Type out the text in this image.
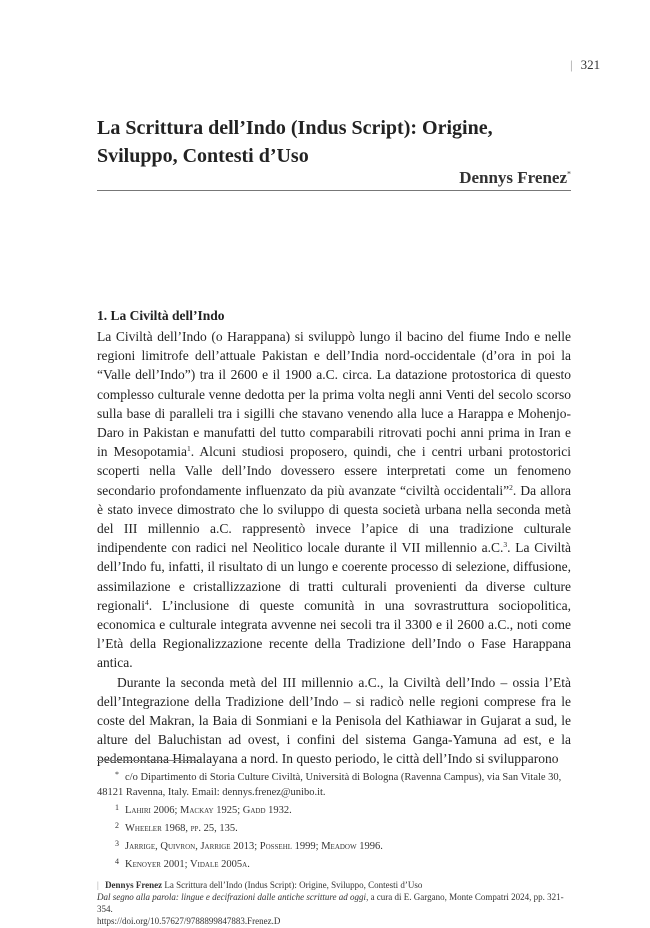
| 321
La Scrittura dell’Indo (Indus Script): Origine, Sviluppo, Contesti d’Uso
Dennys Frenez*
1. La Civiltà dell’Indo

La Civiltà dell’Indo (o Harappana) si sviluppò lungo il bacino del fiume Indo e nelle regioni limitrofe dell’attuale Pakistan e dell’India nord-occidentale (d’ora in poi la “Valle dell’Indo”) tra il 2600 e il 1900 a.C. circa. La datazione protostorica di questo complesso culturale venne dedotta per la prima volta negli anni Venti del secolo scorso sulla base di paralleli tra i sigilli che stavano venendo alla luce a Harappa e Mohenjo-Daro in Pakistan e manufatti del tutto comparabili ritrovati pochi anni prima in Iran e in Mesopotamia$^1$. Alcuni studiosi proposero, quindi, che i centri urbani protostorici scoperti nella Valle dell’Indo dovessero essere interpretati come un fenomeno secondario profondamente influenzato da più avanzate “civiltà occidentali”$^2$. Da allora è stato invece dimostrato che lo sviluppo di questa società urbana nella seconda metà del III millennio a.C. rappresentò invece l’apice di una tradizione culturale indipendente con radici nel Neolitico locale durante il VII millennio a.C.$^3$. La Civiltà dell’Indo fu, infatti, il risultato di un lungo e coerente processo di selezione, diffusione, assimilazione e cristallizzazione di tratti culturali provenienti da diverse culture regionali$^4$. L’inclusione di queste comunità in una sovrastruttura sociopolitica, economica e culturale integrata avvenne nei secoli tra il 3300 e il 2600 a.C., noti come l’Età della Regionalizzazione recente della Tradizione dell’Indo o Fase Harappana antica.

Durante la seconda metà del III millennio a.C., la Civiltà dell’Indo – ossia l’Età dell’Integrazione della Tradizione dell’Indo – si radicò nelle regioni comprese fra le coste del Makran, la Baia di Sonmiani e la Penisola del Kathiawar in Gujarat a sud, le alture del Baluchistan ad ovest, i confini del sistema Ganga-Yamuna ad est, e la pedemontana Himalayana a nord. In questo periodo, le città dell’Indo si svilupparono

* c/o Dipartimento di Storia Culture Civiltà, Università di Bologna (Ravenna Campus), via San Vitale 30, 48121 Ravenna, Italy. Email: dennys.frenez@unibo.it.

$^1$ Lahiri 2006; Mackay 1925; Gadd 1932.

$^2$ Wheeler 1968, pp. 25, 135.

$^3$ Jarrige, Quivron, Jarrige 2013; Possehl 1999; Meadow 1996.

$^4$ Kenoyer 2001; Vidale 2005a.

| Dennys Frenez La Scrittura dell’Indo (Indus Script): Origine, Sviluppo, Contesti d’Uso
Dal segno alla parola: lingue e decifrazioni dalle antiche scritture ad oggi, a cura di E. Gargano, Monte Compatri 2024, pp. 321-354.
https://doi.org/10.57627/9788899847883.Frenez.D
